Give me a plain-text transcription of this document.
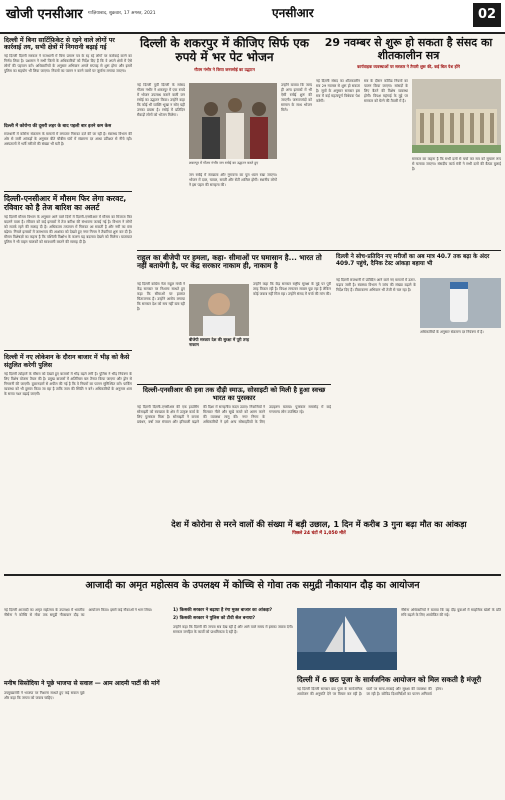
खोजी एनसीआर गाज़ियाबाद, शुक्रवार, 17 अगस्त, 2021	एनसीआर	02
दिल्ली में बिना सार्टिफ़िकेट से रहने वाले लोगों पर कार्रवाई तय, सभी क्षेत्रों में निगरानी बढ़ाई गई
नई दिल्ली दिल्ली सरकार ने राजधानी में बिना प्रमाण पत्र के रह रहे लोगों पर कार्रवाई करने का निर्णय लिया है। प्रशासन ने सभी जिलों के अधिकारियों को निर्देश दिए हैं कि वे अपने क्षेत्रों में ऐसे लोगों की पहचान करें। अधिकारियों के अनुसार अभियान अगले सप्ताह से शुरू होगा और इसमें पुलिस का सहयोग भी लिया जाएगा। नियमों का पालन न करने वालों पर जुर्माना लगाया जाएगा।
दिल्ली में कोरोना की दूसरी लहर के बाद पहली बार इतने कम केस
राजधानी में कोरोना संक्रमण के मामलों में लगातार गिरावट दर्ज की जा रही है। स्वास्थ्य विभाग की ओर से जारी आंकड़ों के अनुसार बीते चौबीस घंटों में संक्रमण दर आधा प्रतिशत से नीचे रही। अस्पतालों में भर्ती मरीजों की संख्या भी घटी है।
दिल्ली-एनसीआर में मौसम फिर लेगा करवट, रविवार को है तेज बारिश का अलर्ट
नई दिल्ली मौसम विभाग के अनुसार आने वाले दिनों में दिल्ली-एनसीआर में मौसम का मिजाज फिर बदलने वाला है। रविवार को कई इलाकों में तेज बारिश की संभावना जताई गई है। विभाग ने लोगों को सतर्क रहने की सलाह दी है। अधिकतम तापमान में गिरावट आ सकती है और नमी का स्तर बढ़ेगा। निचले इलाकों में जलभराव की आशंका को देखते हुए नगर निगम ने तैयारियां शुरू कर दी हैं। मौसम विशेषज्ञों का कहना है कि पश्चिमी विक्षोभ के कारण यह बदलाव देखने को मिलेगा। यातायात पुलिस ने भी वाहन चालकों को सावधानी बरतने की सलाह दी है।
दिल्ली में नए लोकेशन के दौरान बाजार में भीड़ को कैसे संतुलित करेगी पुलिस
नई दिल्ली त्योहारों के मौसम को देखते हुए बाजारों में भीड़ बढ़ने लगी है। पुलिस ने भीड़ नियंत्रण के लिए विशेष योजना तैयार की है। प्रमुख बाजारों में अतिरिक्त बल तैनात किया जाएगा और ड्रोन से निगरानी की जाएगी। दुकानदारों से अपील की गई है कि वे नियमों का पालन सुनिश्चित करें। पार्किंग व्यवस्था को भी दुरुस्त किया जा रहा है ताकि जाम की स्थिति न बने। अधिकारियों के अनुसार शाम के समय गश्त बढ़ाई जाएगी।
दिल्ली के शकरपुर में कीजिए सिर्फ एक रुपये में भर पेट भोजन
गौतम गंभीर ने किया जनरसोई का उद्घाटन
नई दिल्ली पूर्वी दिल्ली के सांसद गौतम गंभीर ने शकरपुर में एक रुपये में भोजन उपलब्ध कराने वाली जन रसोई का उद्घाटन किया। उन्होंने कहा कि कोई भी व्यक्ति भूखा न सोए यही उनका प्रयास है। रसोई में प्रतिदिन सैकड़ों लोगों को भोजन मिलेगा।
शकरपुर में गौतम गंभीर जन रसोई का उद्घाटन करते हुए
जन रसोई में स्वच्छता और गुणवत्ता का पूरा ध्यान रखा जाएगा। भोजन में दाल, चावल, सब्जी और रोटी शामिल होगी। स्थानीय लोगों ने इस पहल की सराहना की।
उन्होंने बताया कि जल्द ही अन्य इलाकों में भी ऐसी रसोई शुरू की जाएगी। जरूरतमंदों को सम्मान के साथ भोजन मिले।
राहुल का बीजेपी पर हमला, कहा- सीमाओं पर घमासान है... भारत तो नहीं बतायेगी है, पर केंद्र सरकार नाकाम ही, नाकाम है
नई दिल्ली कांग्रेस नेता राहुल गांधी ने केंद्र सरकार पर निशाना साधते हुए कहा कि सीमाओं पर हालात चिंताजनक हैं। उन्होंने आरोप लगाया कि सरकार देश को सच नहीं बता रही है।
बीजेपी सरकार देश की सुरक्षा में पूरी तरह नाकाम
उन्होंने कहा कि केंद्र सरकार राष्ट्रीय सुरक्षा के मुद्दे पर पूरी तरह विफल रही है। विपक्ष लगातार सवाल पूछ रहा है लेकिन कोई जवाब नहीं मिल रहा। उन्होंने संसद में चर्चा की मांग की।
दिल्ली-एनसीआर की हवा तक दौड़ी स्माऊ, सोसाइटी को मिली है हुआ स्वच्छ भारत का पुरस्कार
नई दिल्ली दिल्ली-एनसीआर की एक हाउसिंग सोसाइटी को स्वच्छता के क्षेत्र में उत्कृष्ट कार्य के लिए पुरस्कार मिला है। सोसाइटी ने कचरा प्रबंधन, वर्षा जल संचयन और हरियाली बढ़ाने की दिशा में सराहनीय कदम उठाए। निवासियों ने मिलकर गीले और सूखे कचरे को अलग करने की व्यवस्था लागू की। नगर निगम के अधिकारियों ने इसे अन्य सोसाइटियों के लिए उदाहरण बताया। पुरस्कार समारोह में कई गणमान्य लोग उपस्थित रहे।
29 नवम्बर से शुरू हो सकता है संसद का शीतकालीन सत्र
कार्यवाहक व्यवस्थाओं पर सरकार ने तैयारी शुरू की, कई बिल पेश होंगे
नई दिल्ली संसद का शीतकालीन सत्र 29 नवम्बर से शुरू हो सकता है। सूत्रों के अनुसार सरकार इस सत्र में कई महत्वपूर्ण विधेयक पेश करेगी।
सत्र के दौरान कोविड नियमों का पालन किया जाएगा। सांसदों के लिए बैठने की विशेष व्यवस्था होगी। विपक्ष महंगाई के मुद्दे पर सरकार को घेरने की तैयारी में है।
सरकार का कहना है कि सभी दलों से चर्चा कर सत्र को सुचारू रूप से चलाया जाएगा। संसदीय कार्य मंत्री ने सभी दलों की बैठक बुलाई है।
दिल्ली ने सोच-प्रतिदिन नए मरीजों का अब मात्र 40.7 तक बढ़ा के अंदर 409.7 पहुंचे, दैनिक टेस्ट आंकड़ा बहाया भी
नई दिल्ली राजधानी में प्रतिदिन आने वाले नए मामलों में उतार-चढ़ाव जारी है। स्वास्थ्य विभाग ने जांच की संख्या बढ़ाने के निर्देश दिए हैं। टीकाकरण अभियान भी तेजी से चल रहा है।
अधिकारियों के अनुसार संक्रमण दर नियंत्रण में है।
देश में कोरोना से मरने वालों की संख्या में बड़ी उछाल, 1 दिन में करीब 3 गुना बढ़ा मौत का आंकड़ा
पिछले 24 घंटों में 1,050 मौतें
आजादी का अमृत महोत्सव के उपलक्ष्य में कोच्चि से गोवा तक समुद्री नौकायान दौड़ का आयोजन
नई दिल्ली आजादी का अमृत महोत्सव के उपलक्ष्य में भारतीय नौसेना ने कोच्चि से गोवा तक समुद्री नौकायान दौड़ का आयोजन किया। इसमें कई नौकाओं ने भाग लिया।
मनीष सिसोदिया ने पूछे भाजपा से सवाल — आम आदमी पार्टी की मांगें
उपमुख्यमंत्री ने भाजपा पर निशाना साधते हुए कई सवाल पूछे और कहा कि जनता को जवाब चाहिए।
1) किसकी सरकार ने बढ़ाया है रंगा मुक्त बाजार का आंकड़ा?
2) किसकी सरकार ने पुलिस को टीवी सेल बनाया?
उन्होंने कहा कि दिल्ली की जनता सब देख रही है और आने वाले समय में इसका जवाब देगी। सरकार जनहित के कार्यों को प्राथमिकता दे रही है।
नौसेना अधिकारियों ने बताया कि यह दौड़ युवाओं में साहसिक खेलों के प्रति रुचि बढ़ाने के लिए आयोजित की गई।
दिल्ली में 6 छठ पूजा के सार्वजनिक आयोजन को मिल सकती है मंजूरी
नई दिल्ली दिल्ली सरकार छठ पूजा के सार्वजनिक आयोजन की अनुमति देने पर विचार कर रही है। घाटों पर साफ-सफाई और सुरक्षा की व्यवस्था की जा रही है। कोविड दिशानिर्देशों का पालन अनिवार्य होगा।
